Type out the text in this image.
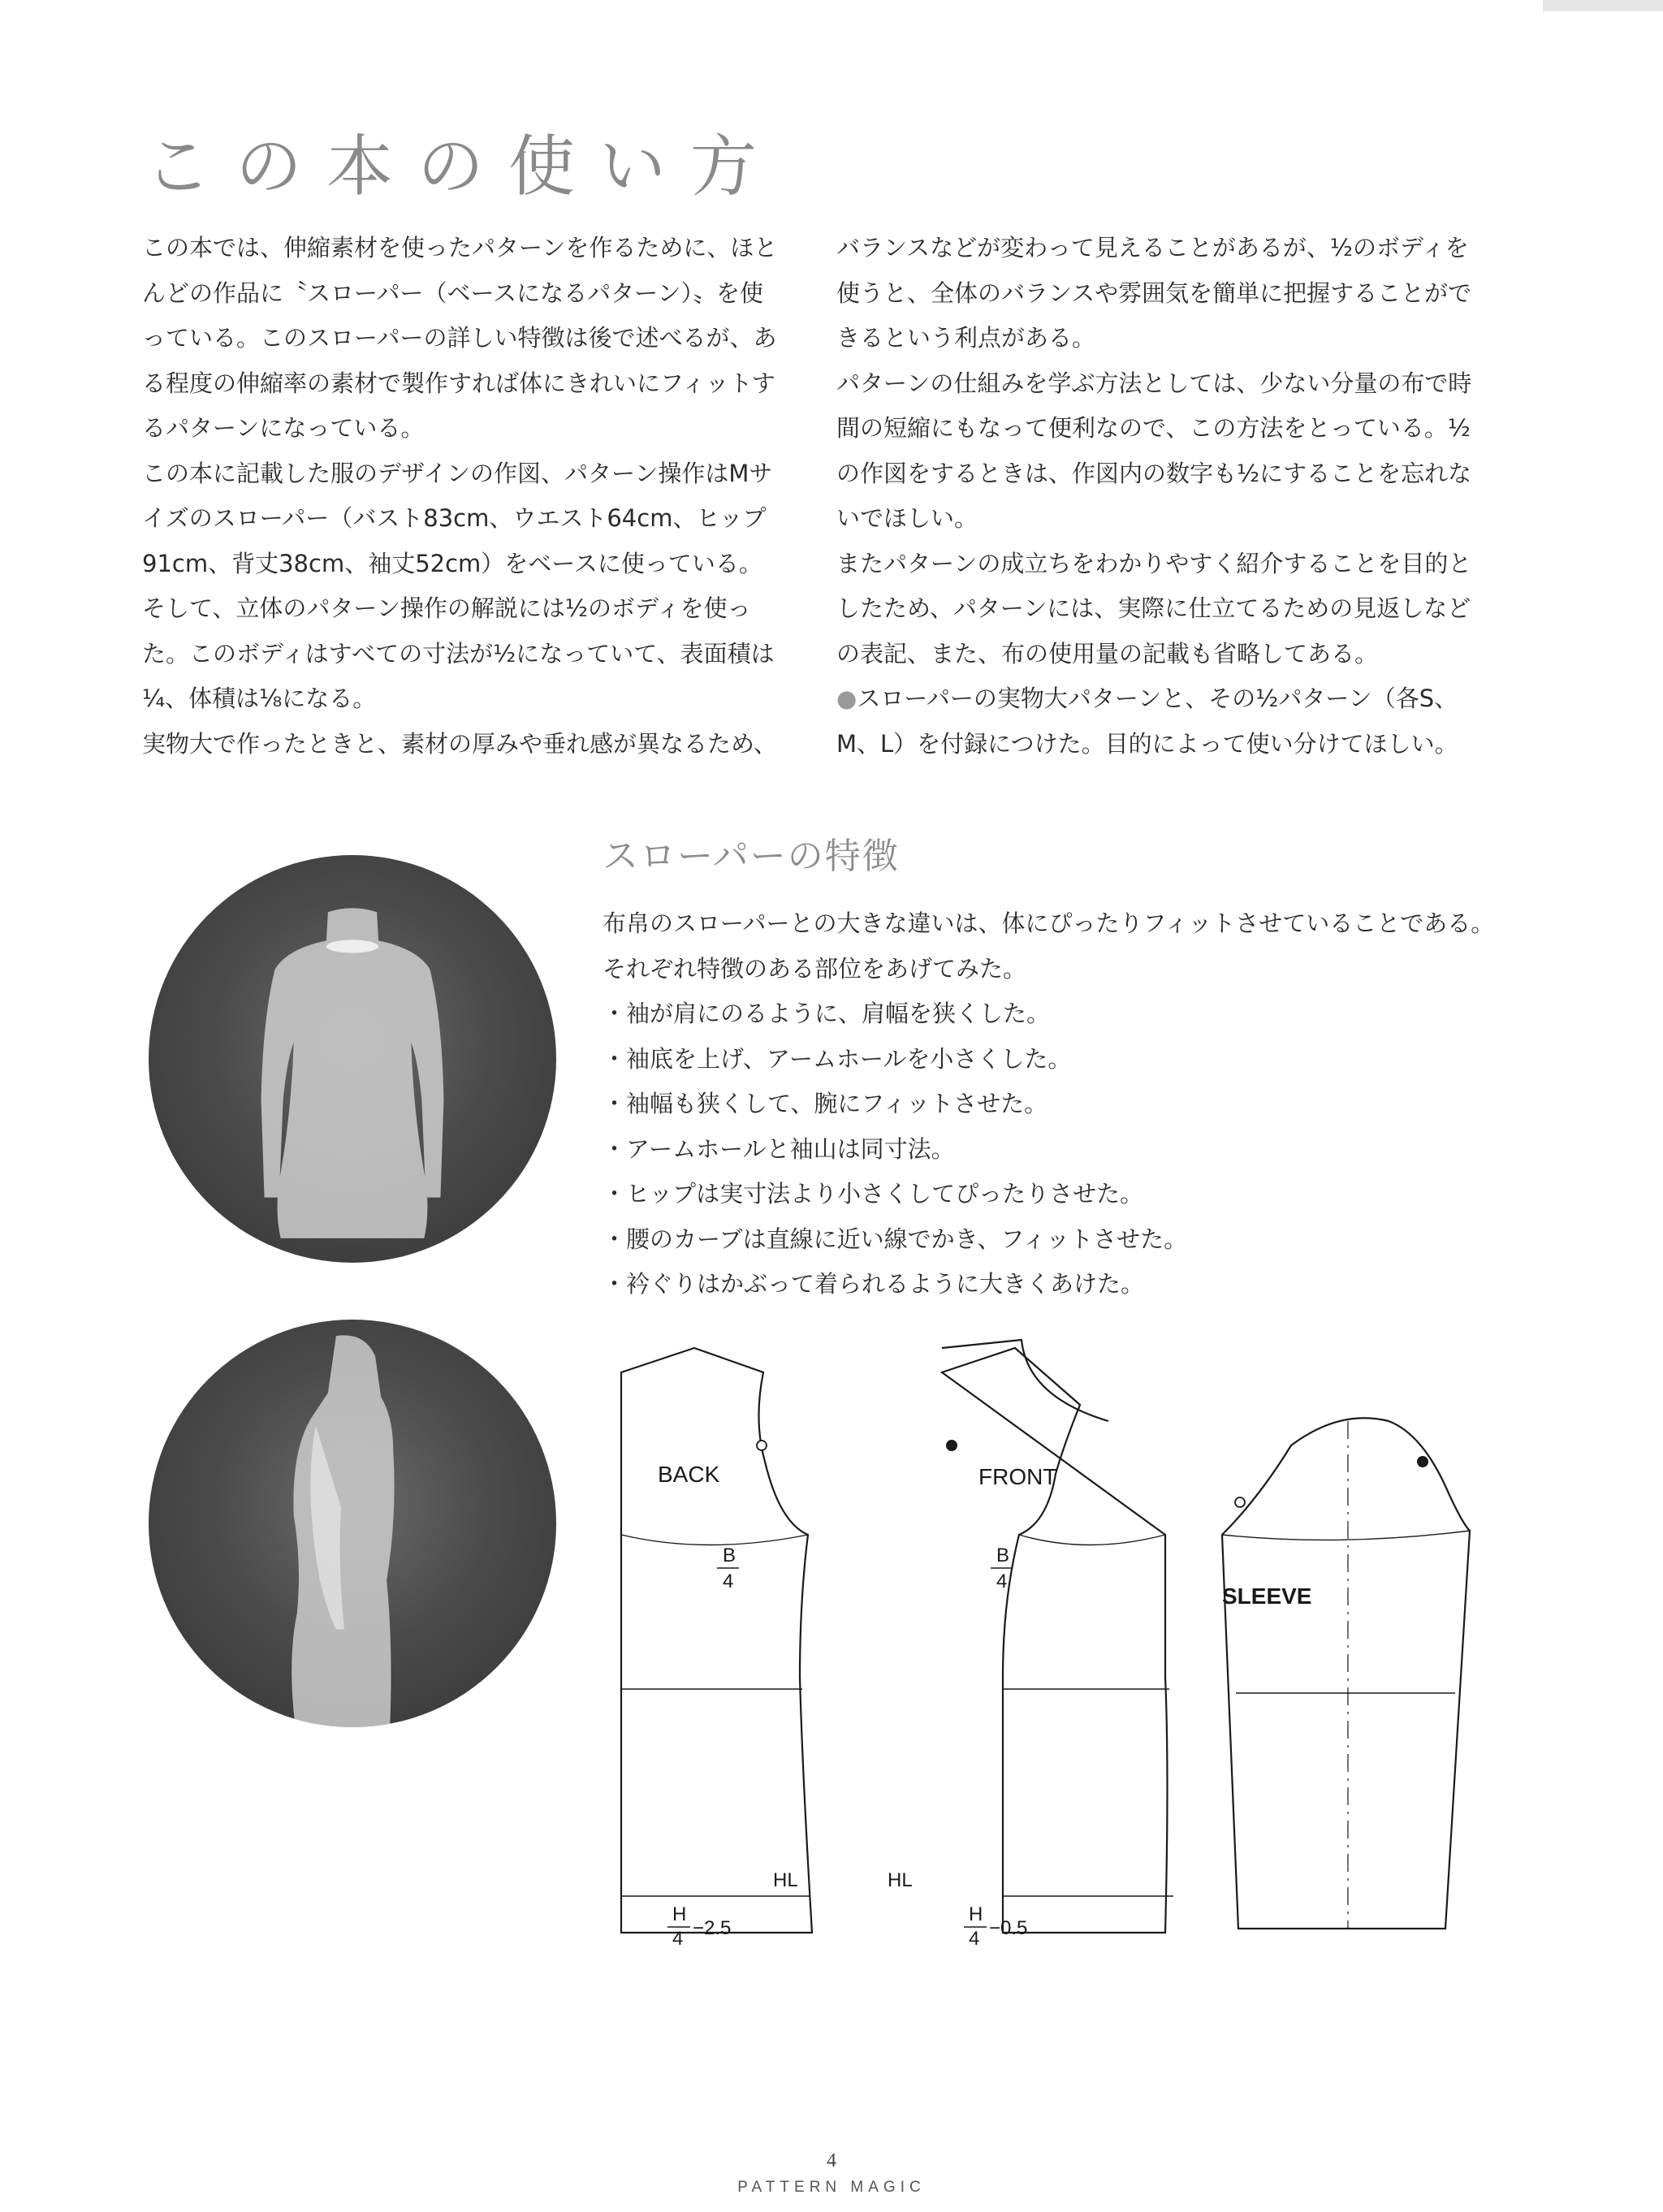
この本の使い方

この本では、伸縮素材を使ったパターンを作るために、ほとんどの作品に〝スローパー（ベースになるパターン）〟を使っている。このスローパーの詳しい特徴は後で述べるが、ある程度の伸縮率の素材で製作すれば体にきれいにフィットするパターンになっている。

この本に記載した服のデザインの作図、パターン操作はMサイズのスローパー（バスト83cm、ウエスト64cm、ヒップ91cm、背丈38cm、袖丈52cm）をベースに使っている。そして、立体のパターン操作の解説には½のボディを使った。このボディはすべての寸法が½になっていて、表面積は¼、体積は⅛になる。

実物大で作ったときと、素材の厚みや垂れ感が異なるため、

バランスなどが変わって見えることがあるが、½のボディを使うと、全体のバランスや雰囲気を簡単に把握することができるという利点がある。

パターンの仕組みを学ぶ方法としては、少ない分量の布で時間の短縮にもなって便利なので、この方法をとっている。½の作図をするときは、作図内の数字も½にすることを忘れないでほしい。

またパターンの成立ちをわかりやすく紹介することを目的としたため、パターンには、実際に仕立てるための見返しなどの表記、また、布の使用量の記載も省略してある。

●スローパーの実物大パターンと、その½パターン（各S、M、L）を付録につけた。目的によって使い分けてほしい。

スローパーの特徴

布帛のスローパーとの大きな違いは、体にぴったりフィットさせていることである。それぞれ特徴のある部位をあげてみた。

・ 袖が肩にのるように、肩幅を狭くした。
・ 袖底を上げ、アームホールを小さくした。
・ 袖幅も狭くして、腕にフィットさせた。
・ アームホールと袖山は同寸法。
・ ヒップは実寸法より小さくしてぴったりさせた。
・ 腰のカーブは直線に近い線でかき、フィットさせた。
・ 衿ぐりはかぶって着られるように大きくあけた。
BACK	FRONT
SLEEVE
B
4
B
4
HL	HL
H
4 −2.5
H
4 −0.5
4
PATTERN MAGIC
